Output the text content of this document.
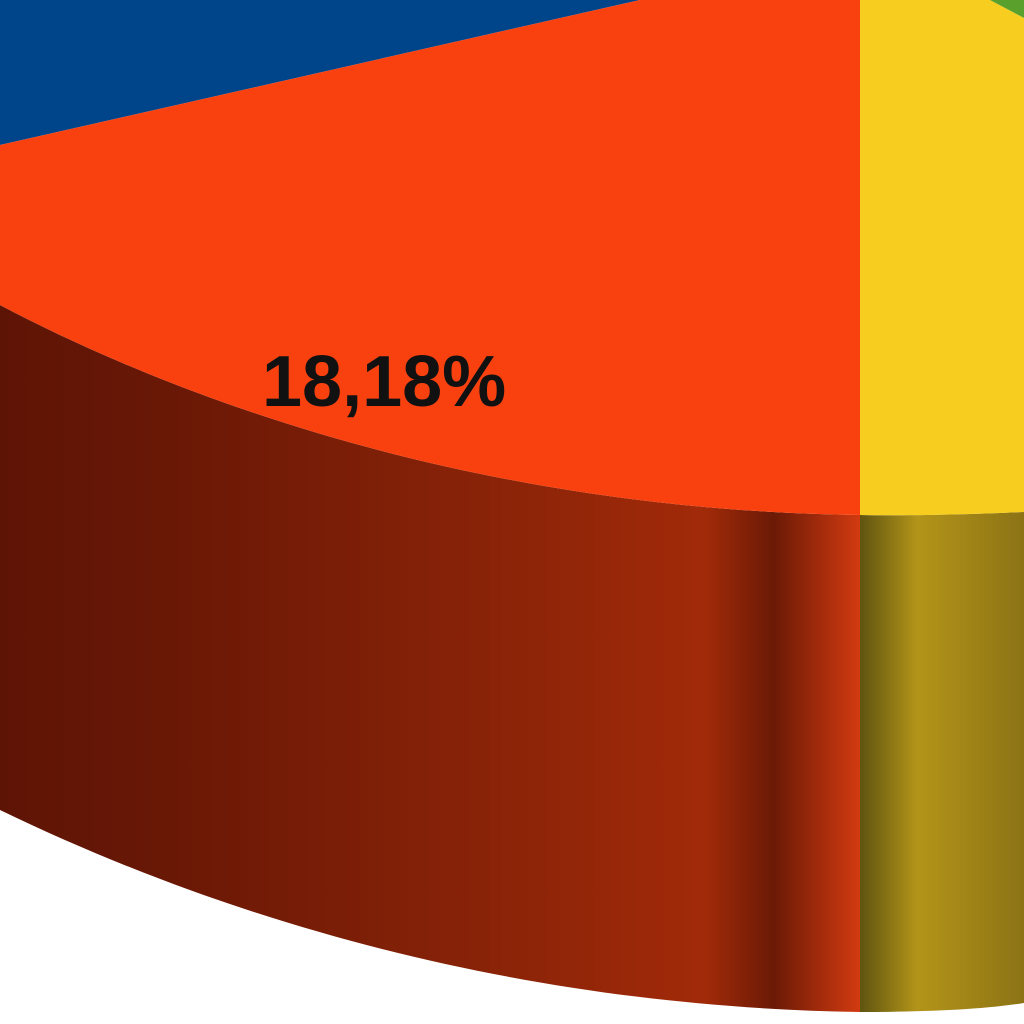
18,18%
